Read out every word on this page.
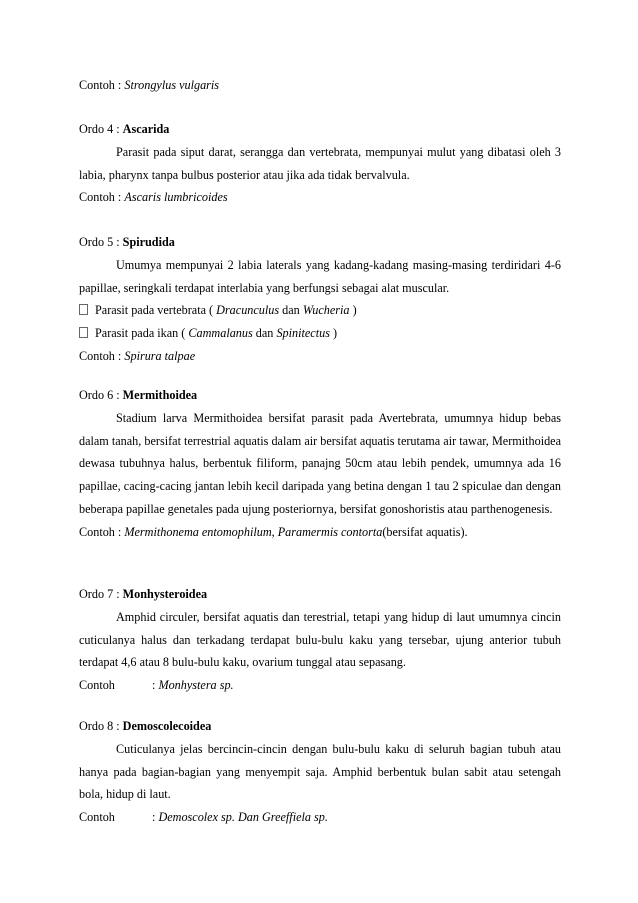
Contoh : Strongylus vulgaris

Ordo 4 : Ascarida

Parasit pada siput darat, serangga dan vertebrata, mempunyai mulut yang dibatasi oleh 3 labia, pharynx tanpa bulbus posterior atau jika ada tidak bervalvula.

Contoh : Ascaris lumbricoides

Ordo 5 : Spirudida

Umumya mempunyai 2 labia laterals yang kadang-kadang masing-masing terdiridari 4-6 papillae, seringkali terdapat interlabia yang berfungsi sebagai alat muscular.

Parasit pada vertebrata ( Dracunculus dan Wucheria )
Parasit pada ikan ( Cammalanus dan Spinitectus )

Contoh : Spirura talpae

Ordo 6 : Mermithoidea

Stadium larva Mermithoidea bersifat parasit pada Avertebrata, umumnya hidup bebas dalam tanah, bersifat terrestrial aquatis dalam air bersifat aquatis terutama air tawar, Mermithoidea dewasa tubuhnya halus, berbentuk filiform, panajng 50cm atau lebih pendek, umumnya ada 16 papillae, cacing-cacing jantan lebih kecil daripada yang betina dengan 1 tau 2 spiculae dan dengan beberapa papillae genetales pada ujung posteriornya, bersifat gonoshoristis atau parthenogenesis.

Contoh : Mermithonema entomophilum, Paramermis contorta(bersifat aquatis).

Ordo 7 : Monhysteroidea

Amphid circuler, bersifat aquatis dan terestrial, tetapi yang hidup di laut umumnya cincin cuticulanya halus dan terkadang terdapat bulu-bulu kaku yang tersebar, ujung anterior tubuh terdapat 4,6 atau 8 bulu-bulu kaku, ovarium tunggal atau sepasang.

Contoh	: Monhystera sp.

Ordo 8 : Demoscolecoidea

Cuticulanya jelas bercincin-cincin dengan bulu-bulu kaku di seluruh bagian tubuh atau hanya pada bagian-bagian yang menyempit saja. Amphid berbentuk bulan sabit atau setengah bola, hidup di laut.

Contoh	: Demoscolex sp. Dan Greeffiela sp.
